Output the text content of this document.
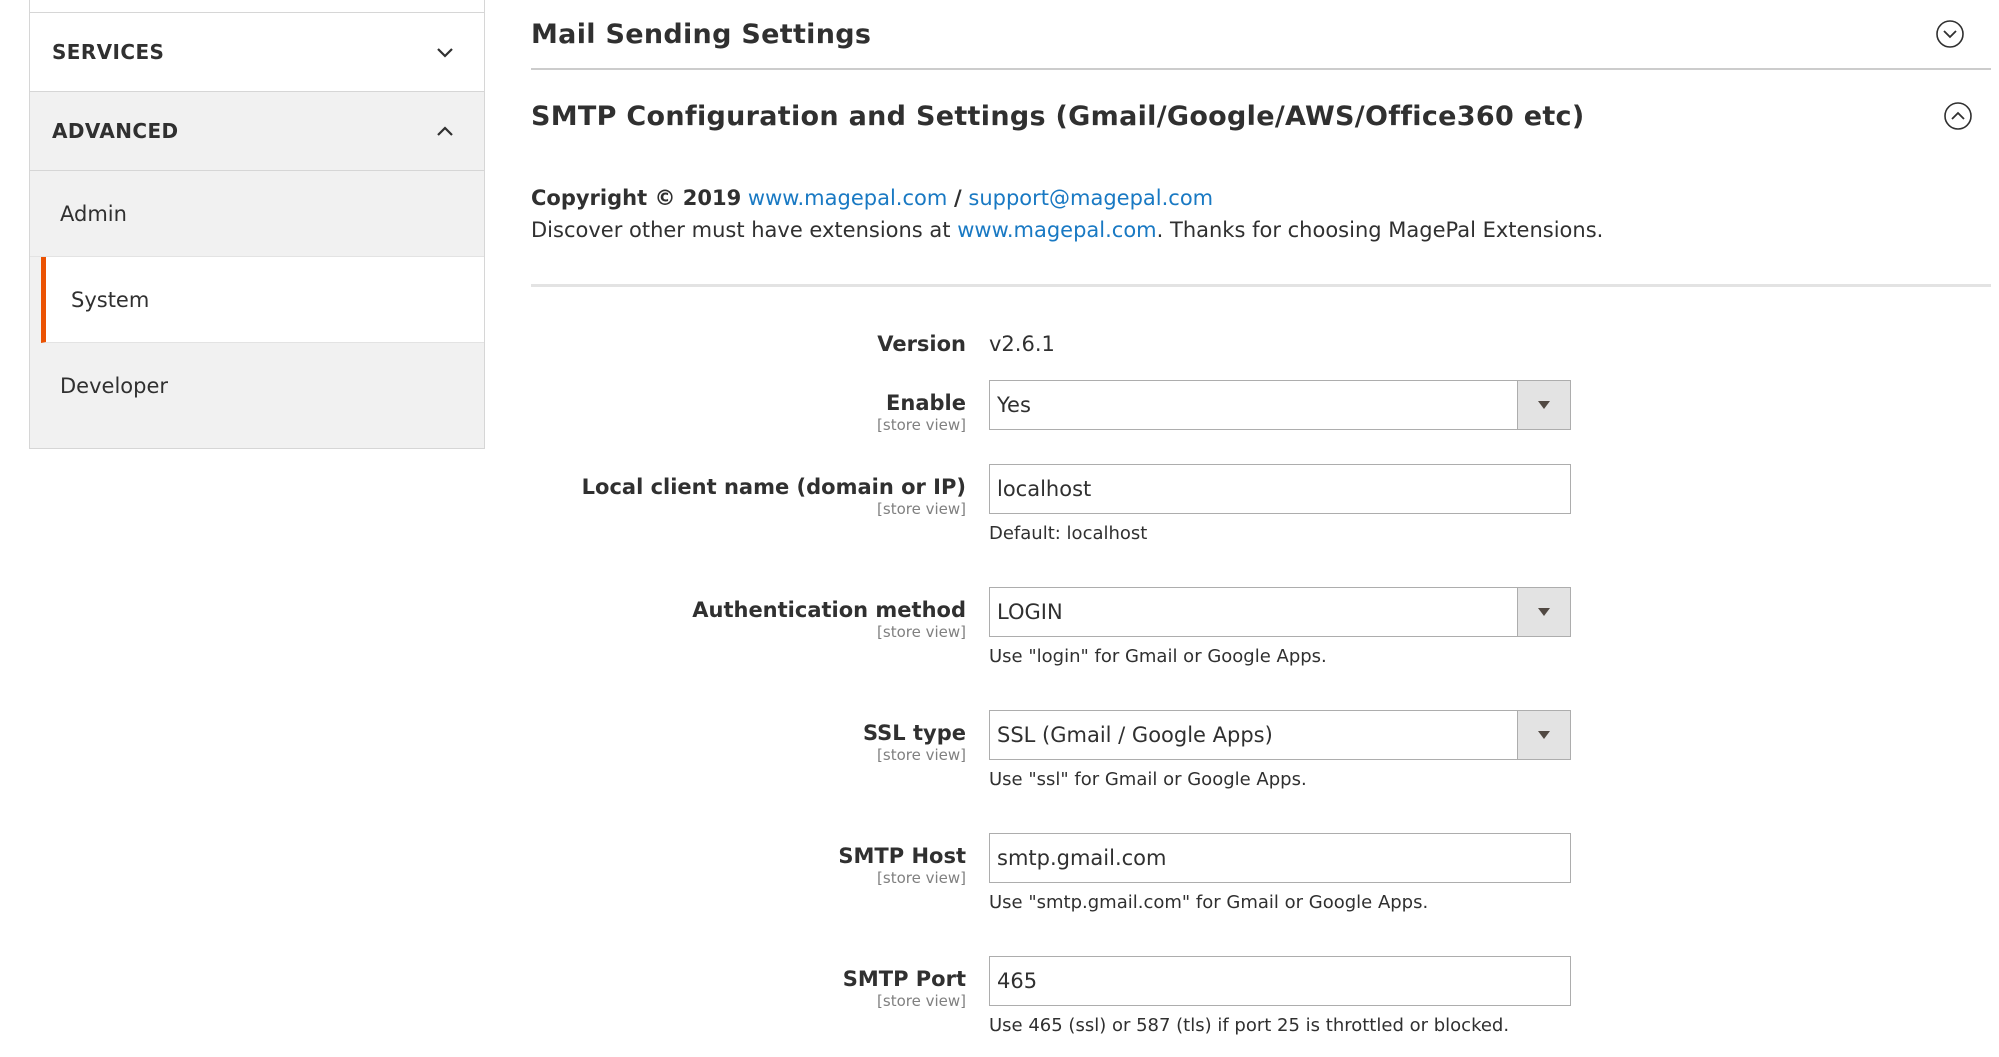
SERVICES
ADVANCED
Admin
System
Developer
Mail Sending Settings
SMTP Configuration and Settings (Gmail/Google/AWS/Office360 etc)
Copyright © 2019 www.magepal.com / support@magepal.com
Discover other must have extensions at www.magepal.com. Thanks for choosing MagePal Extensions.
Version v2.6.1
Enable
[store view]
Yes
Local client name (domain or IP)
[store view]
localhost
Default: localhost
Authentication method
[store view]
LOGIN
Use "login" for Gmail or Google Apps.
SSL type
[store view]
SSL (Gmail / Google Apps)
Use "ssl" for Gmail or Google Apps.
SMTP Host
[store view]
smtp.gmail.com
Use "smtp.gmail.com" for Gmail or Google Apps.
SMTP Port
[store view]
465
Use 465 (ssl) or 587 (tls) if port 25 is throttled or blocked.
